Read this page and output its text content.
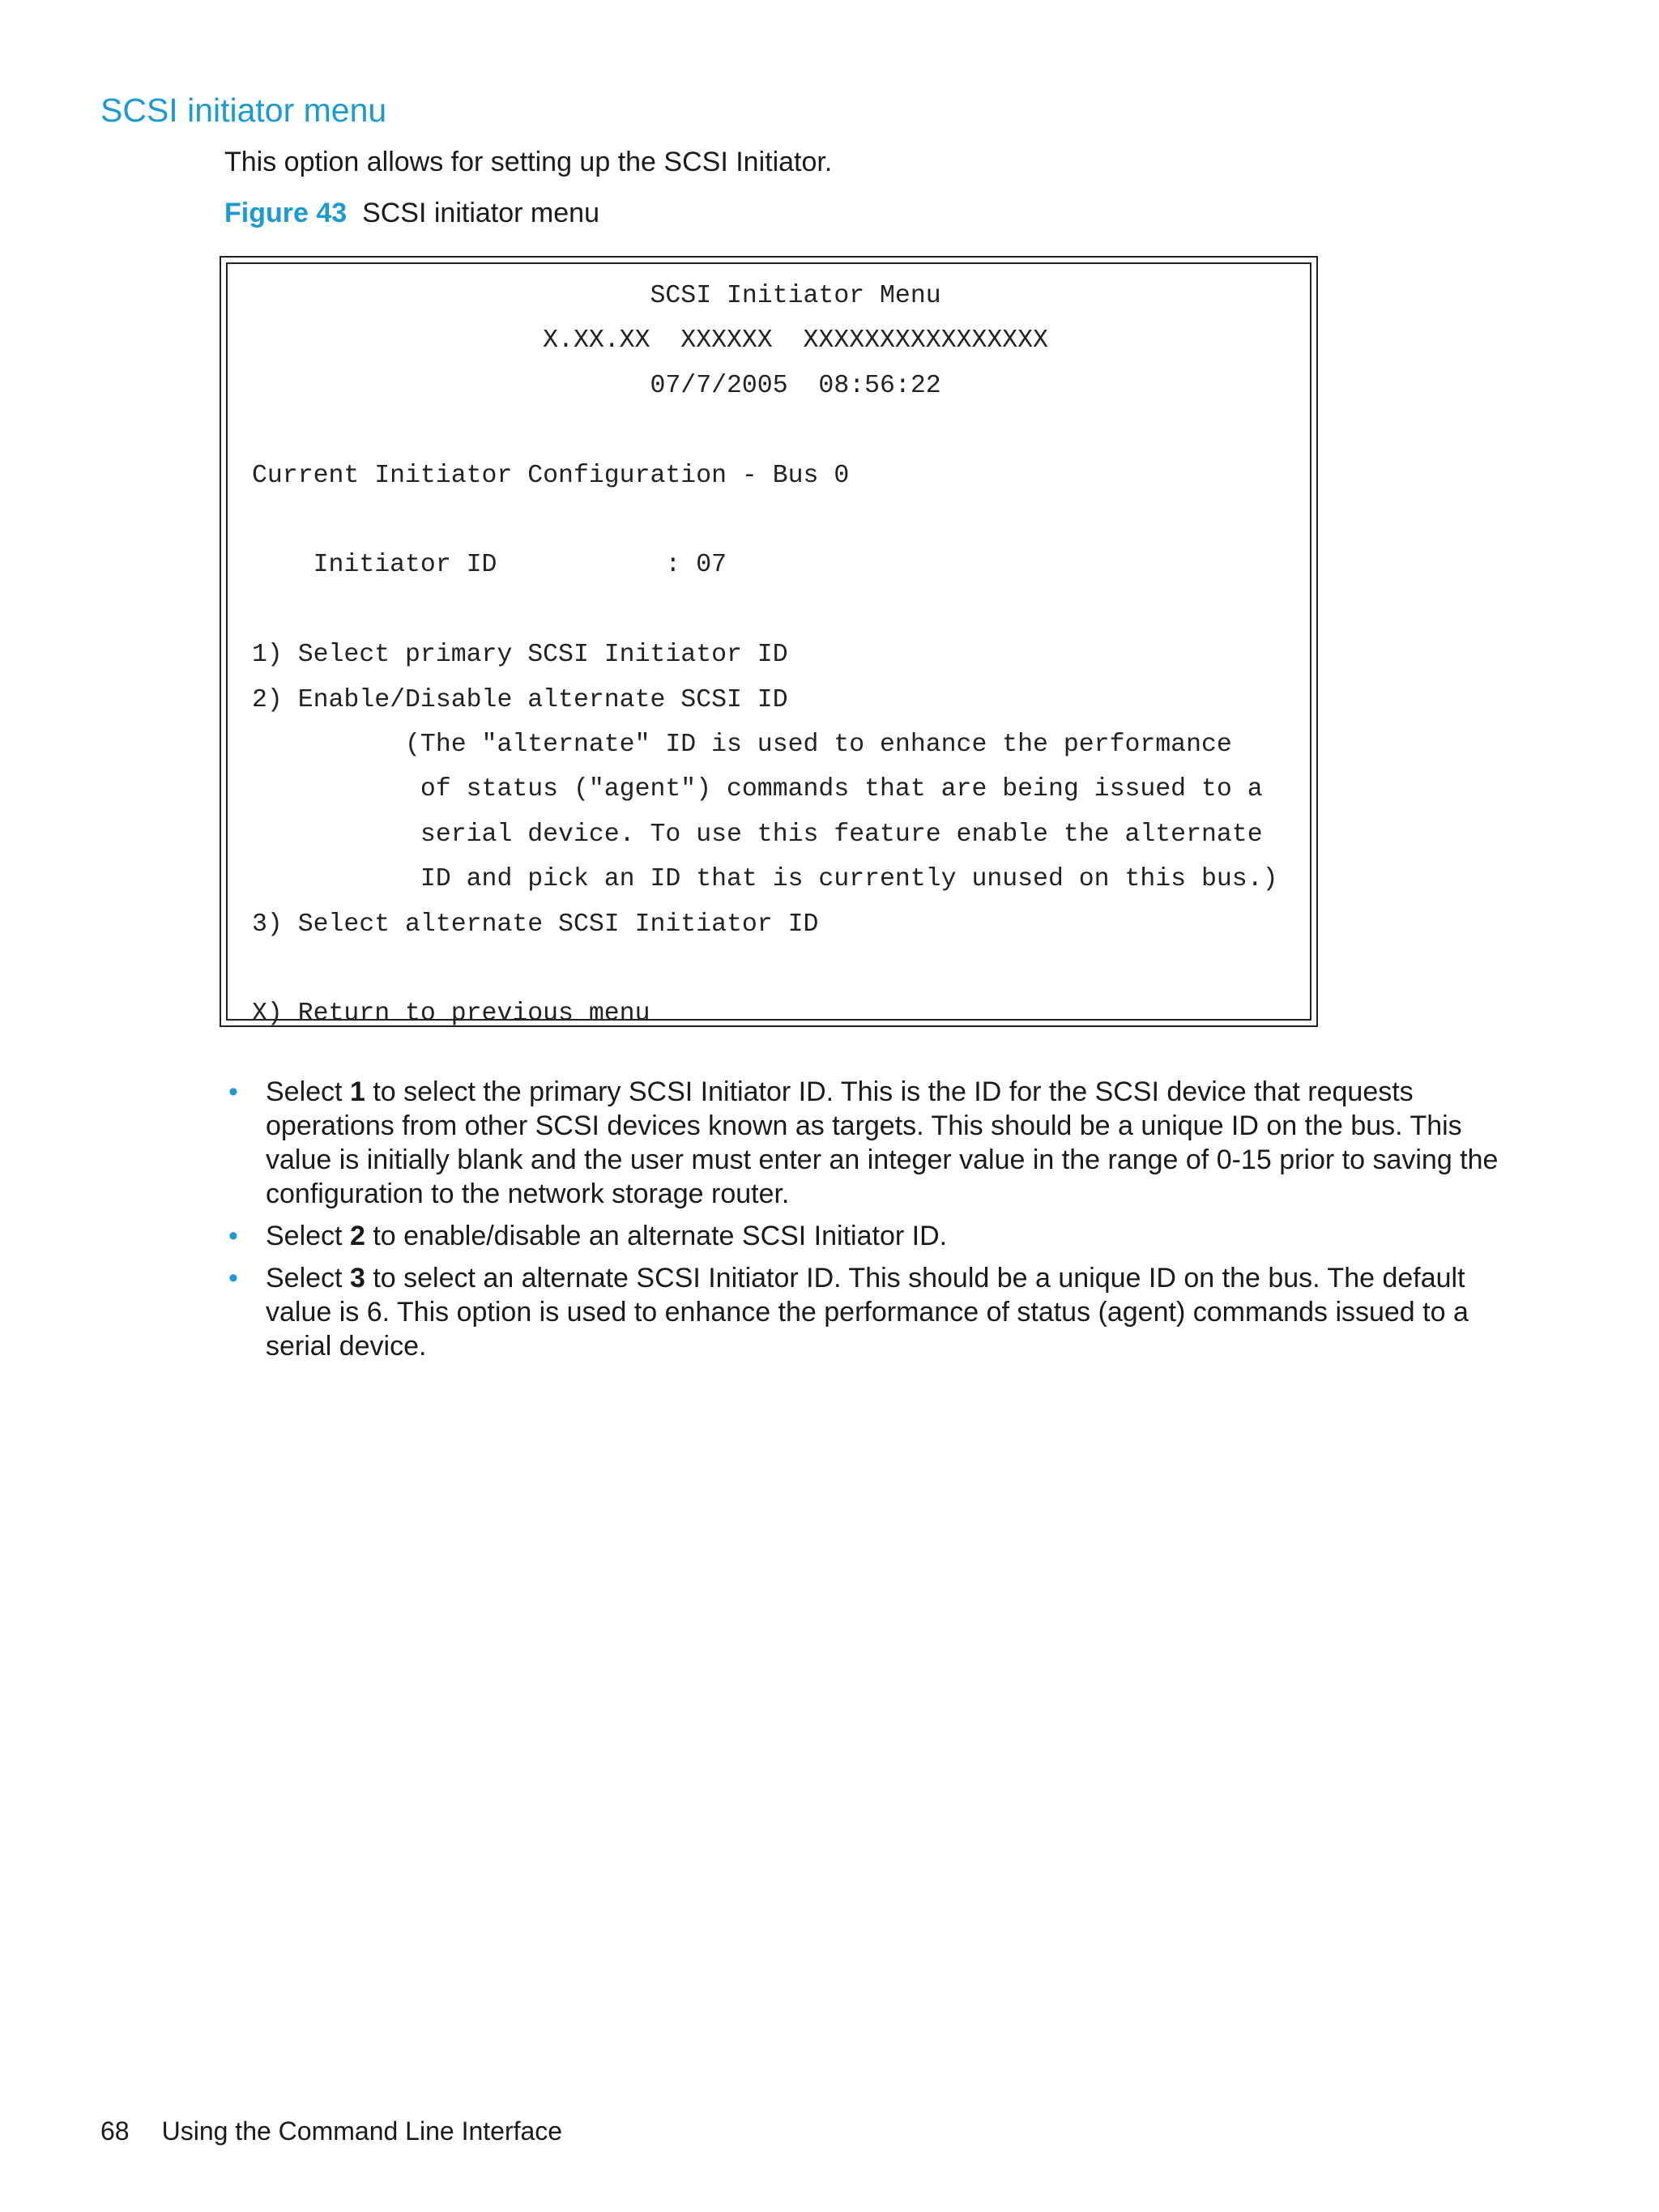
SCSI initiator menu

This option allows for setting up the SCSI Initiator.

Figure 43 SCSI initiator menu

SCSI Initiator Menu
X.XX.XX  XXXXXX  XXXXXXXXXXXXXXXX
07/7/2005  08:56:22
Current Initiator Configuration - Bus 0
Initiator ID           : 07
1) Select primary SCSI Initiator ID
2) Enable/Disable alternate SCSI ID
(The "alternate" ID is used to enhance the performance
of status ("agent") commands that are being issued to a
serial device. To use this feature enable the alternate
ID and pick an ID that is currently unused on this bus.)
3) Select alternate SCSI Initiator ID
X) Return to previous menu
• Select 1 to select the primary SCSI Initiator ID. This is the ID for the SCSI device that requests operations from other SCSI devices known as targets. This should be a unique ID on the bus. This value is initially blank and the user must enter an integer value in the range of 0-15 prior to saving the configuration to the network storage router.
• Select 2 to enable/disable an alternate SCSI Initiator ID.
• Select 3 to select an alternate SCSI Initiator ID. This should be a unique ID on the bus. The default value is 6. This option is used to enhance the performance of status (agent) commands issued to a serial device.
68 Using the Command Line Interface
